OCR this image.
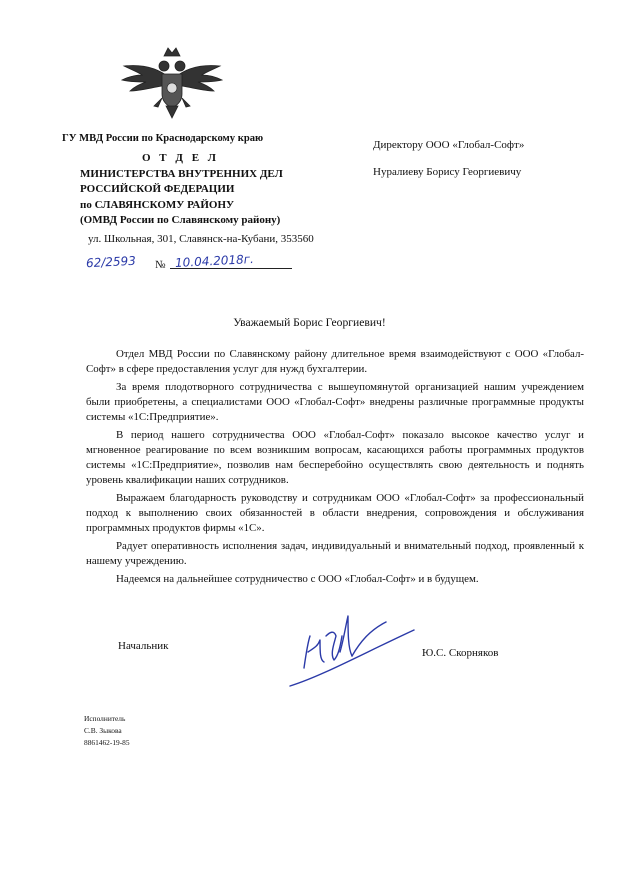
ГУ МВД России по Краснодарскому краю
О Т Д Е Л
МИНИСТЕРСТВА ВНУТРЕННИХ ДЕЛ
РОССИЙСКОЙ ФЕДЕРАЦИИ
по СЛАВЯНСКОМУ РАЙОНУ
(ОМВД России по Славянскому району)
ул. Школьная, 301, Славянск-на-Кубани, 353560
62/2593 № 10.04.2018г.
Директору ООО «Глобал-Софт»
Нуралиеву Борису Георгиевичу
Уважаемый Борис Георгиевич!

Отдел МВД России по Славянскому району длительное время взаимодействуют с ООО «Глобал-Софт» в сфере предоставления услуг для нужд бухгалтерии.

За время плодотворного сотрудничества с вышеупомянутой организацией нашим учреждением были приобретены, а специалистами ООО «Глобал-Софт» внедрены различные программные продукты системы «1С:Предприятие».

В период нашего сотрудничества ООО «Глобал-Софт» показало высокое качество услуг и мгновенное реагирование по всем возникшим вопросам, касающихся работы программных продуктов системы «1С:Предприятие», позволив нам бесперебойно осуществлять свою деятельность и поднять уровень квалификации наших сотрудников.

Выражаем благодарность руководству и сотрудникам ООО «Глобал-Софт» за профессиональный подход к выполнению своих обязанностей в области внедрения, сопровождения и обслуживания программных продуктов фирмы «1С».

Радует оперативность исполнения задач, индивидуальный и внимательный подход, проявленный к нашему учреждению.

Надеемся на дальнейшее сотрудничество с ООО «Глобал-Софт» и в будущем.

Начальник
Ю.С. Скорняков
Исполнитель
С.В. Зыкова
8861462-19-85
